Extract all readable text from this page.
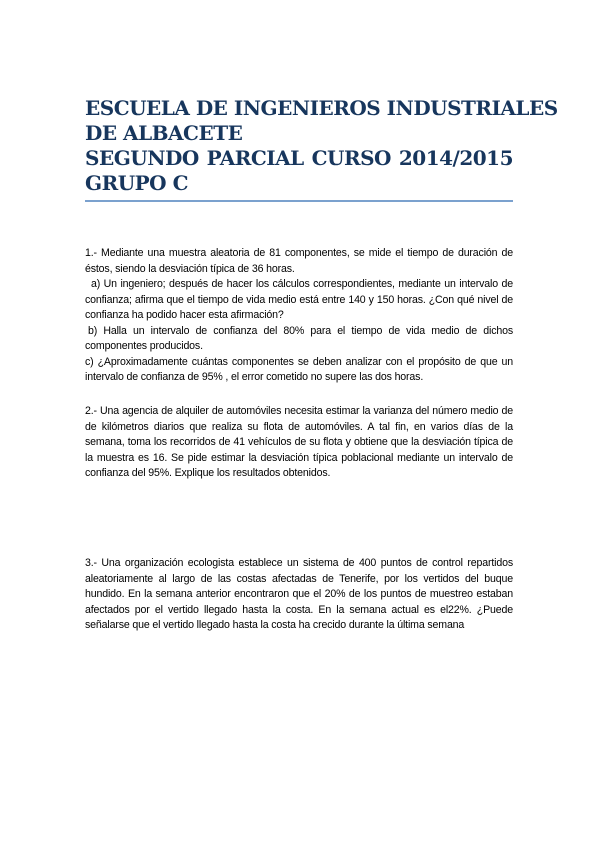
ESCUELA DE INGENIEROS INDUSTRIALES
DE ALBACETE
SEGUNDO PARCIAL CURSO 2014/2015
GRUPO C

1.- Mediante una muestra aleatoria de 81 componentes, se mide el tiempo de duración de éstos, siendo la desviación típica de 36 horas.

a) Un ingeniero; después de hacer los cálculos correspondientes, mediante un intervalo de confianza; afirma que el tiempo de vida medio está entre 140 y 150 horas. ¿Con qué nivel de confianza ha podido hacer esta afirmación?

b) Halla un intervalo de confianza del 80% para el tiempo de vida medio de dichos componentes producidos.

c) ¿Aproximadamente cuántas componentes se deben analizar con el propósito de que un intervalo de confianza de 95% , el error cometido no supere las dos horas.

2.- Una agencia de alquiler de automóviles necesita estimar la varianza del número medio de de kilómetros diarios que realiza su flota de automóviles. A tal fin, en varios días de la semana, toma los recorridos de 41 vehículos de su flota y obtiene que la desviación típica de la muestra es 16. Se pide estimar la desviación típica poblacional mediante un intervalo de confianza del 95%. Explique los resultados obtenidos.

3.- Una organización ecologista establece un sistema de 400 puntos de control repartidos aleatoriamente al largo de las costas afectadas de Tenerife, por los vertidos del buque hundido. En la semana anterior encontraron que el 20% de los puntos de muestreo estaban afectados por el vertido llegado hasta la costa. En la semana actual es el22%. ¿Puede señalarse que el vertido llegado hasta la costa ha crecido durante la última semana
